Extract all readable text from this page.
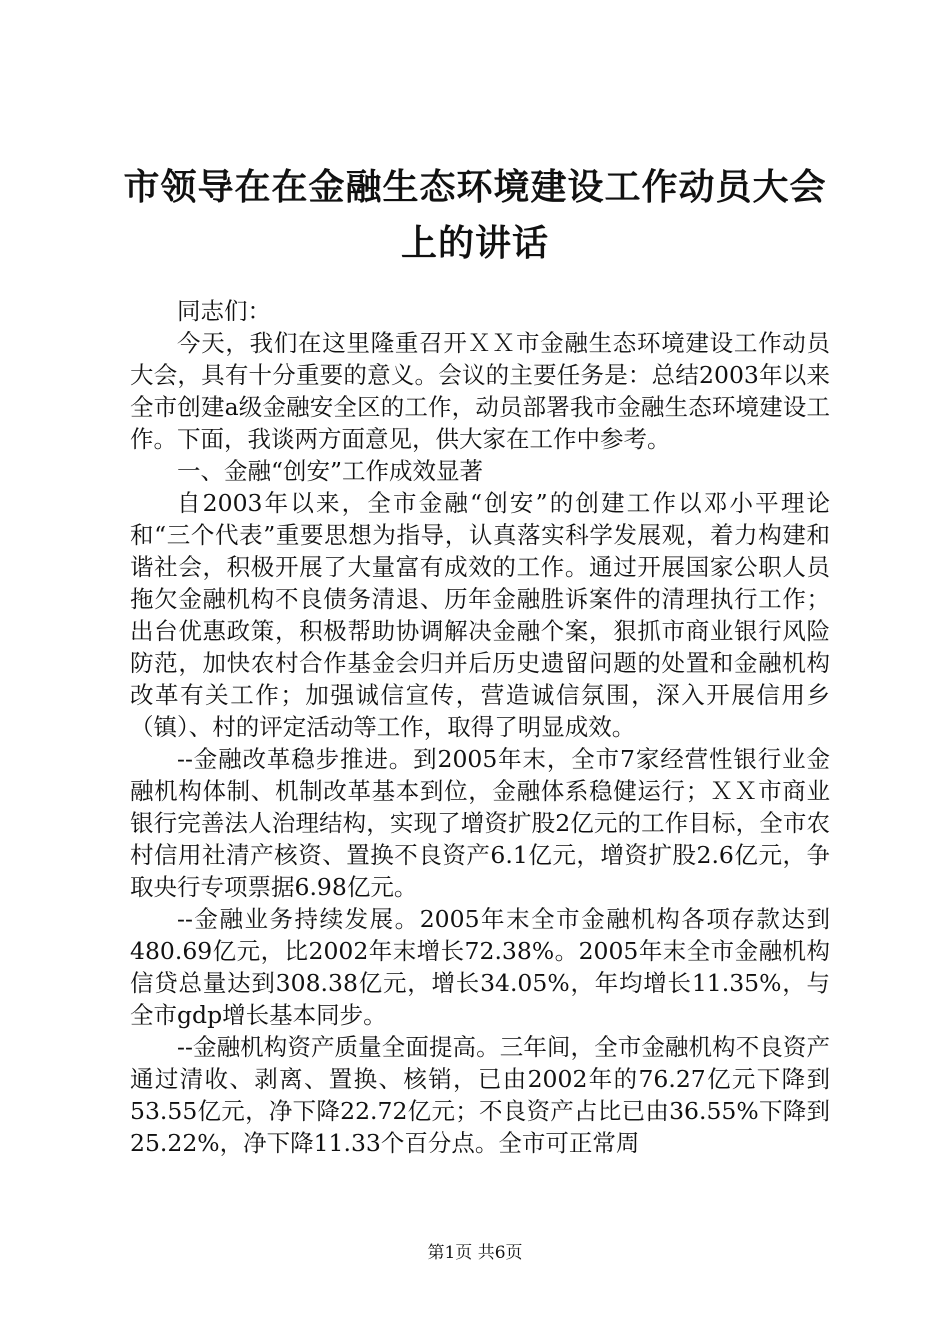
市领导在在金融生态环境建设工作动员大会上的讲话

同志们：

今天，我们在这里隆重召开ＸＸ市金融生态环境建设工作动员大会，具有十分重要的意义。会议的主要任务是：总结2003年以来全市创建a级金融安全区的工作，动员部署我市金融生态环境建设工作。下面，我谈两方面意见，供大家在工作中参考。

一、金融“创安”工作成效显著

自2003年以来，全市金融“创安”的创建工作以邓小平理论和“三个代表”重要思想为指导，认真落实科学发展观，着力构建和谐社会，积极开展了大量富有成效的工作。通过开展国家公职人员拖欠金融机构不良债务清退、历年金融胜诉案件的清理执行工作；出台优惠政策，积极帮助协调解决金融个案，狠抓市商业银行风险防范，加快农村合作基金会归并后历史遗留问题的处置和金融机构改革有关工作；加强诚信宣传，营造诚信氛围，深入开展信用乡（镇）、村的评定活动等工作，取得了明显成效。

--金融改革稳步推进。到2005年末，全市7家经营性银行业金融机构体制、机制改革基本到位，金融体系稳健运行；ＸＸ市商业银行完善法人治理结构，实现了增资扩股2亿元的工作目标，全市农村信用社清产核资、置换不良资产6.1亿元，增资扩股2.6亿元，争取央行专项票据6.98亿元。

--金融业务持续发展。2005年末全市金融机构各项存款达到480.69亿元，比2002年末增长72.38%。2005年末全市金融机构信贷总量达到308.38亿元，增长34.05%，年均增长11.35%，与全市gdp增长基本同步。

--金融机构资产质量全面提高。三年间，全市金融机构不良资产通过清收、剥离、置换、核销，已由2002年的76.27亿元下降到53.55亿元，净下降22.72亿元；不良资产占比已由36.55%下降到25.22%，净下降11.33个百分点。全市可正常周

第1页 共6页
